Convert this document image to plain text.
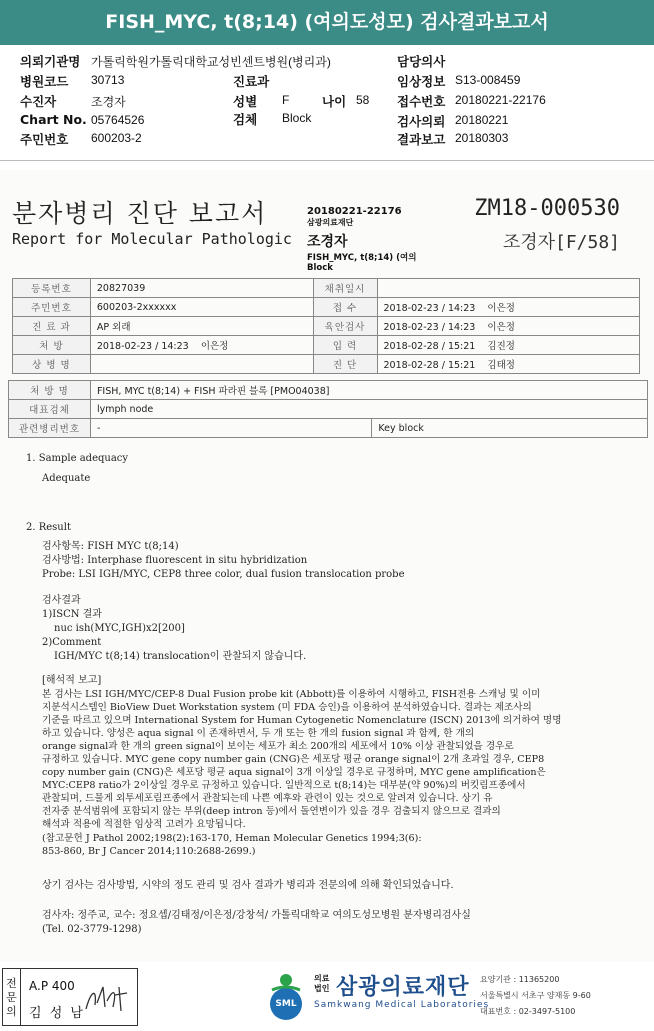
FISH_MYC, t(8;14) (여의도성모) 검사결과보고서
의뢰기관명 가톨릭학원가톨릭대학교성빈센트병원(병리과)	담당의사
병원코드 30713	진료과	임상정보 S13-008459
수진자	조경자	성별 F	나이 58 접수번호 20180221-22176
Chart No. 05764526	검체 Block	검사의뢰 20180221
주민번호 600203-2	결과보고 20180303
분자병리 진단 보고서
Report for Molecular Pathologic
20180221-22176
삼광의료재단
조경자
FISH_MYC, t(8;14) (여의
Block
ZM18-000530
조경자[F/58]
등록번호	20827039	채취일시	
주민번호	600203-2xxxxxx	접 수	2018-02-23 / 14:23 이은정
진 료 과	AP 외래	육안검사	2018-02-23 / 14:23 이은정
처 방	2018-02-23 / 14:23 이은정	입 력	2018-02-28 / 15:21 김진정
상 병 명		진 단	2018-02-28 / 15:21 김태정
처 방 명	FISH, MYC t(8;14) + FISH 파라핀 블록 [PMO04038]	
대표검체	lymph node	
관련병리번호	-	Key block
1. Sample adequacy
Adequate
2. Result
검사항목: FISH MYC t(8;14)
검사방법: Interphase fluorescent in situ hybridization
Probe: LSI IGH/MYC, CEP8 three color, dual fusion translocation probe
검사결과
1)ISCN 결과
nuc ish(MYC,IGH)x2[200]
2)Comment
IGH/MYC t(8;14) translocation이 관찰되지 않습니다.
[해석적 보고]
본 검사는 LSI IGH/MYC/CEP-8 Dual Fusion probe kit (Abbott)를 이용하여 시행하고, FISH전용 스캐닝 및 이미
지분석시스템인 BioView Duet Workstation system (미 FDA 승인)을 이용하여 분석하였습니다. 결과는 제조사의
기준을 따르고 있으며 International System for Human Cytogenetic Nomenclature (ISCN) 2013에 의거하여 명명
하고 있습니다. 양성은 aqua signal 이 존재하면서, 두 개 또는 한 개의 fusion signal 과 함께, 한 개의
orange signal과 한 개의 green signal이 보이는 세포가 최소 200개의 세포에서 10% 이상 관찰되었을 경우로
규정하고 있습니다. MYC gene copy number gain (CNG)은 세포당 평균 orange signal이 2개 초과일 경우, CEP8
copy number gain (CNG)은 세포당 평균 aqua signal이 3개 이상일 경우로 규정하며, MYC gene amplification은
MYC:CEP8 ratio가 2이상일 경우로 규정하고 있습니다. 일반적으로 t(8;14)는 대부분(약 90%)의 버킷림프종에서
관찰되며, 드물게 외투세포림프종에서 관찰되는데 나쁜 예후와 관련이 있는 것으로 알려져 있습니다. 상기 유
전자중 분석범위에 포함되지 않는 부위(deep intron 등)에서 돌연변이가 있을 경우 검출되지 않으므로 결과의
해석과 적용에 적절한 임상적 고려가 요망됩니다.
(참고문헌 J Pathol 2002;198(2):163-170, Heman Molecular Genetics 1994;3(6):
853-860, Br J Cancer 2014;110:2688-2699.)
상기 검사는 검사방법, 시약의 정도 관리 및 검사 결과가 병리과 전문의에 의해 확인되었습니다.
검사자: 정주교, 교수: 정요셉/김태정/이은정/강창석/ 가톨릭대학교 여의도성모병원 분자병리검사실
(Tel. 02-3779-1298)
전문의
A.P 400
김 성 남
SML
의료법인 삼광의료재단
Samkwang Medical Laboratories
요양기관 : 11365200
서울특별시 서초구 양재동 9-60
대표번호 : 02-3497-5100
